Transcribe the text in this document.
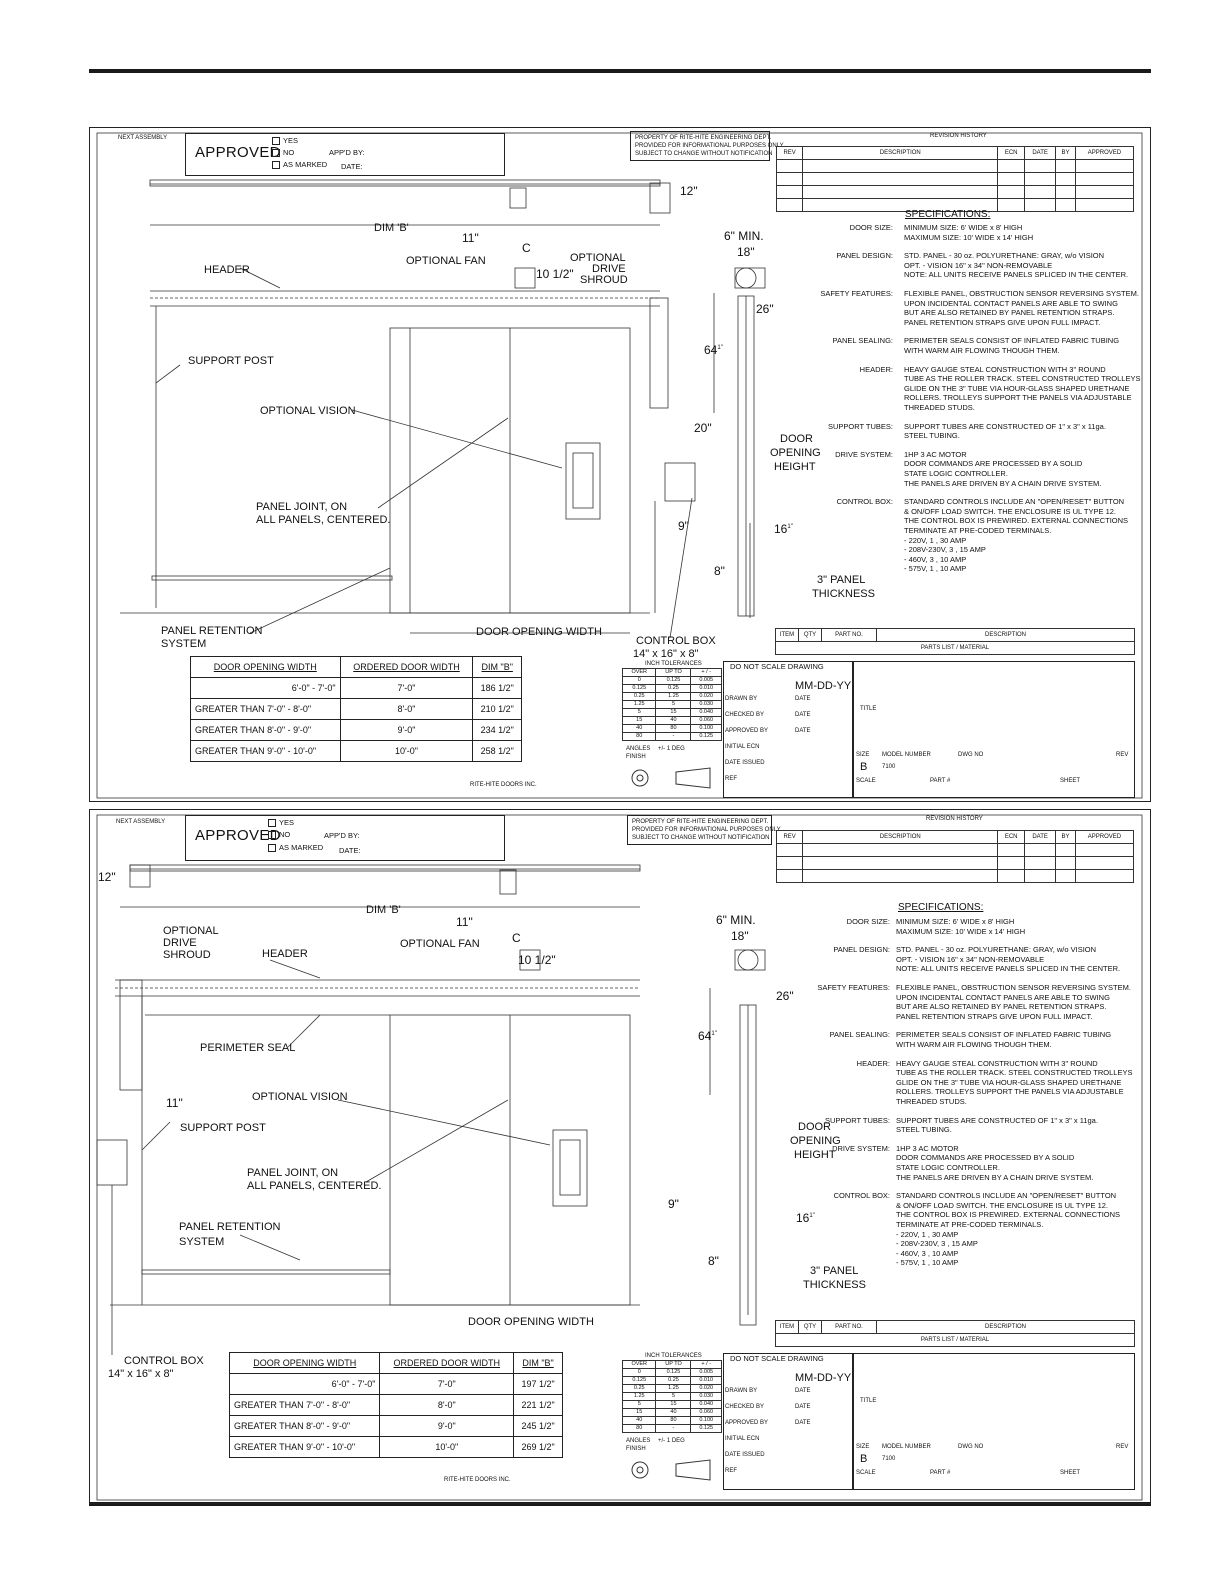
NEXT ASSEMBLY
APPROVED
YES
NO
AS MARKED
APP'D BY:
DATE:
PROPERTY OF RITE-HITE ENGINEERING DEPT.
PROVIDED FOR INFORMATIONAL PURPOSES ONLY
SUBJECT TO CHANGE WITHOUT NOTIFICATION
REVISION HISTORY
REV	DESCRIPTION	ECN	DATE	BY	APPROVED

DIM 'B'
HEADER
SUPPORT POST
OPTIONAL VISION
OPTIONAL FAN	OPTIONAL
DRIVE
SHROUD
PANEL JOINT, ON
ALL PANELS, CENTERED.
PANEL RETENTION
SYSTEM
DOOR OPENING WIDTH
CONTROL BOX
14" x 16" x 8"
DOOR
OPENING
HEIGHT
3" PANEL
THICKNESS
11"
12"
10 1/2"
C
6" MIN.
18"
26"
$64^{1"}$
20"
9"	$16^{1"}$
8"
SPECIFICATIONS:
DOOR SIZE: MINIMUM SIZE: 6' WIDE x 8' HIGH
MAXIMUM SIZE: 10' WIDE x 14' HIGH
PANEL DESIGN: STD. PANEL - 30 oz. POLYURETHANE: GRAY, w/o VISION
OPT. - VISION 16" x 34" NON-REMOVABLE
NOTE: ALL UNITS RECEIVE PANELS SPLICED IN THE CENTER.
SAFETY FEATURES: FLEXIBLE PANEL, OBSTRUCTION SENSOR REVERSING SYSTEM.
UPON INCIDENTAL CONTACT PANELS ARE ABLE TO SWING
BUT ARE ALSO RETAINED BY PANEL RETENTION STRAPS.
PANEL RETENTION STRAPS GIVE UPON FULL IMPACT.
PANEL SEALING: PERIMETER SEALS CONSIST OF INFLATED FABRIC TUBING
WITH WARM AIR FLOWING THOUGH THEM.
HEADER: HEAVY GAUGE STEAL CONSTRUCTION WITH 3" ROUND
TUBE AS THE ROLLER TRACK. STEEL CONSTRUCTED TROLLEYS
GLIDE ON THE 3" TUBE VIA HOUR-GLASS SHAPED URETHANE
ROLLERS. TROLLEYS SUPPORT THE PANELS VIA ADJUSTABLE
THREADED STUDS.
SUPPORT TUBES: SUPPORT TUBES ARE CONSTRUCTED OF 1" x 3" x 11ga.
STEEL TUBING.
DRIVE SYSTEM: 1HP 3 AC MOTOR
DOOR COMMANDS ARE PROCESSED BY A SOLID
STATE LOGIC CONTROLLER.
THE PANELS ARE DRIVEN BY A CHAIN DRIVE SYSTEM.
CONTROL BOX: STANDARD CONTROLS INCLUDE AN "OPEN/RESET" BUTTON
& ON/OFF LOAD SWITCH. THE ENCLOSURE IS UL TYPE 12.
THE CONTROL BOX IS PREWIRED. EXTERNAL CONNECTIONS
TERMINATE AT PRE-CODED TERMINALS.
- 220V, 1 , 30 AMP
- 208V-230V, 3 , 15 AMP
- 460V, 3 , 10 AMP
- 575V, 1 , 10 AMP
DOOR OPENING WIDTH	ORDERED DOOR WIDTH	DIM "B"
6'-0" - 7'-0"	7'-0"	186 1/2"
GREATER THAN 7'-0" - 8'-0"	8'-0"	210 1/2"
GREATER THAN 8'-0" - 9'-0"	9'-0"	234 1/2"
GREATER THAN 9'-0" - 10'-0"	10'-0"	258 1/2"
RITE-HITE DOORS INC.
ITEM	QTY	PART NO.	DESCRIPTION
PARTS LIST / MATERIAL
INCH TOLERANCES
OVER	UP TO	+ / -
0	0.125	0.005
0.125	0.25	0.010
0.25	1.25	0.020
1.25	5	0.030
5	15	0.040
15	40	0.060
40	80	0.100
80	-	0.125
ANGLES +/- 1 DEG
FINISH
DO NOT SCALE DRAWING
MM-DD-YY
DRAWN BY	DATE
CHECKED BY	DATE
APPROVED BY	DATE
INITIAL ECN
DATE ISSUED
REF
TITLE
SIZE
B
MODEL NUMBER
7100
DWG NO	REV
SCALE	PART #	SHEET
NEXT ASSEMBLY
APPROVED
YES
NO
AS MARKED
APP'D BY:
DATE:
PROPERTY OF RITE-HITE ENGINEERING DEPT.
PROVIDED FOR INFORMATIONAL PURPOSES ONLY
SUBJECT TO CHANGE WITHOUT NOTIFICATION
REVISION HISTORY
REV	DESCRIPTION	ECN	DATE	BY	APPROVED

DIM 'B'
HEADER
OPTIONAL
DRIVE
SHROUD
OPTIONAL FAN
PERIMETER SEAL
OPTIONAL VISION
SUPPORT POST
PANEL JOINT, ON
ALL PANELS, CENTERED.
PANEL RETENTION
SYSTEM
DOOR OPENING WIDTH
CONTROL BOX
14" x 16" x 8"
DOOR
OPENING
HEIGHT
3" PANEL
THICKNESS
11"
12"
10 1/2"
C
6" MIN.
18"
26"
$64^{1"}$
9"
$16^{1"}$
8"
11"
SPECIFICATIONS:
DOOR SIZE: MINIMUM SIZE: 6' WIDE x 8' HIGH
MAXIMUM SIZE: 10' WIDE x 14' HIGH
PANEL DESIGN: STD. PANEL - 30 oz. POLYURETHANE: GRAY, w/o VISION
OPT. - VISION 16" x 34" NON-REMOVABLE
NOTE: ALL UNITS RECEIVE PANELS SPLICED IN THE CENTER.
SAFETY FEATURES: FLEXIBLE PANEL, OBSTRUCTION SENSOR REVERSING SYSTEM.
UPON INCIDENTAL CONTACT PANELS ARE ABLE TO SWING
BUT ARE ALSO RETAINED BY PANEL RETENTION STRAPS.
PANEL RETENTION STRAPS GIVE UPON FULL IMPACT.
PANEL SEALING: PERIMETER SEALS CONSIST OF INFLATED FABRIC TUBING
WITH WARM AIR FLOWING THOUGH THEM.
HEADER: HEAVY GAUGE STEAL CONSTRUCTION WITH 3" ROUND
TUBE AS THE ROLLER TRACK. STEEL CONSTRUCTED TROLLEYS
GLIDE ON THE 3" TUBE VIA HOUR-GLASS SHAPED URETHANE
ROLLERS. TROLLEYS SUPPORT THE PANELS VIA ADJUSTABLE
THREADED STUDS.
SUPPORT TUBES: SUPPORT TUBES ARE CONSTRUCTED OF 1" x 3" x 11ga.
STEEL TUBING.
DRIVE SYSTEM: 1HP 3 AC MOTOR
DOOR COMMANDS ARE PROCESSED BY A SOLID
STATE LOGIC CONTROLLER.
THE PANELS ARE DRIVEN BY A CHAIN DRIVE SYSTEM.
CONTROL BOX: STANDARD CONTROLS INCLUDE AN "OPEN/RESET" BUTTON
& ON/OFF LOAD SWITCH. THE ENCLOSURE IS UL TYPE 12.
THE CONTROL BOX IS PREWIRED. EXTERNAL CONNECTIONS
TERMINATE AT PRE-CODED TERMINALS.
- 220V, 1 , 30 AMP
- 208V-230V, 3 , 15 AMP
- 460V, 3 , 10 AMP
- 575V, 1 , 10 AMP
DOOR OPENING WIDTH	ORDERED DOOR WIDTH	DIM "B"
6'-0" - 7'-0"	7'-0"	197 1/2"
GREATER THAN 7'-0" - 8'-0"	8'-0"	221 1/2"
GREATER THAN 8'-0" - 9'-0"	9'-0"	245 1/2"
GREATER THAN 9'-0" - 10'-0"	10'-0"	269 1/2"
RITE-HITE DOORS INC.
ITEM	QTY	PART NO.	DESCRIPTION
PARTS LIST / MATERIAL
INCH TOLERANCES
OVER	UP TO	+ / -
0	0.125	0.005
0.125	0.25	0.010
0.25	1.25	0.020
1.25	5	0.030
5	15	0.040
15	40	0.060
40	80	0.100
80	-	0.125
ANGLES +/- 1 DEG
FINISH
DO NOT SCALE DRAWING
MM-DD-YY
DRAWN BY	DATE
CHECKED BY	DATE
APPROVED BY	DATE
INITIAL ECN
DATE ISSUED
REF
TITLE
SIZE
B
MODEL NUMBER
7100
DWG NO	REV
SCALE	PART #	SHEET
